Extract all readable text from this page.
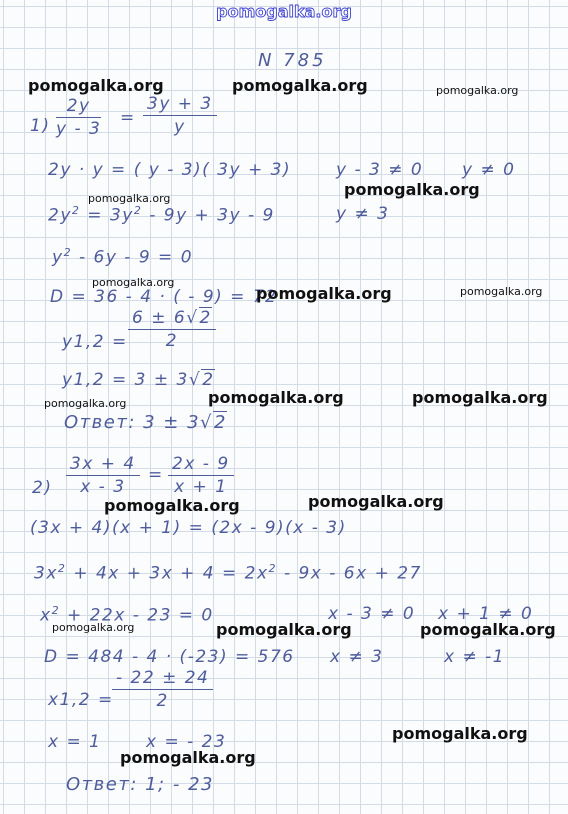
pomogalka.org
N 785
$1) \frac{2y}{y - 3} = \frac{3y + 3}{y}$
2y · y = ( y - 3)( 3y + 3)	y - 3 ≠ 0 y ≠ 0
$2y^2 = 3y^2 - 9y + 3y - 9$	y ≠ 3
$y^2 - 6y - 9 = 0$
D = 36 - 4 · ( - 9) = 72
$y1,2 = \frac{6 \pm 6√2}{2}$
y1,2 = 3 ± 3√2
Ответ: 3 ± 3√2
$2) \frac{3x + 4}{x - 3} = \frac{2x - 9}{x + 1}$
(3x + 4)(x + 1) = (2x - 9)(x - 3)
$3x^2 + 4x + 3x + 4 = 2x^2 - 9x - 6x + 27$
$x^2 + 22x - 23 = 0$	x - 3 ≠ 0 x + 1 ≠ 0
D = 484 - 4 · (-23) = 576 x ≠ 3	x ≠ -1
x1,2 =
$\frac{- 22 \pm 24}{2}$
x = 1	x = - 23
Ответ: 1; - 23
pomogalka.org	pomogalka.org	pomogalka.org
pomogalka.org	pomogalka.org
pomogalka.org
pomogalka.org	pomogalka.org
pomogalka.org	pomogalka.org
pomogalka.org
pomogalka.org	pomogalka.org
pomogalka.org	pomogalka.org	pomogalka.org
pomogalka.org
pomogalka.org
